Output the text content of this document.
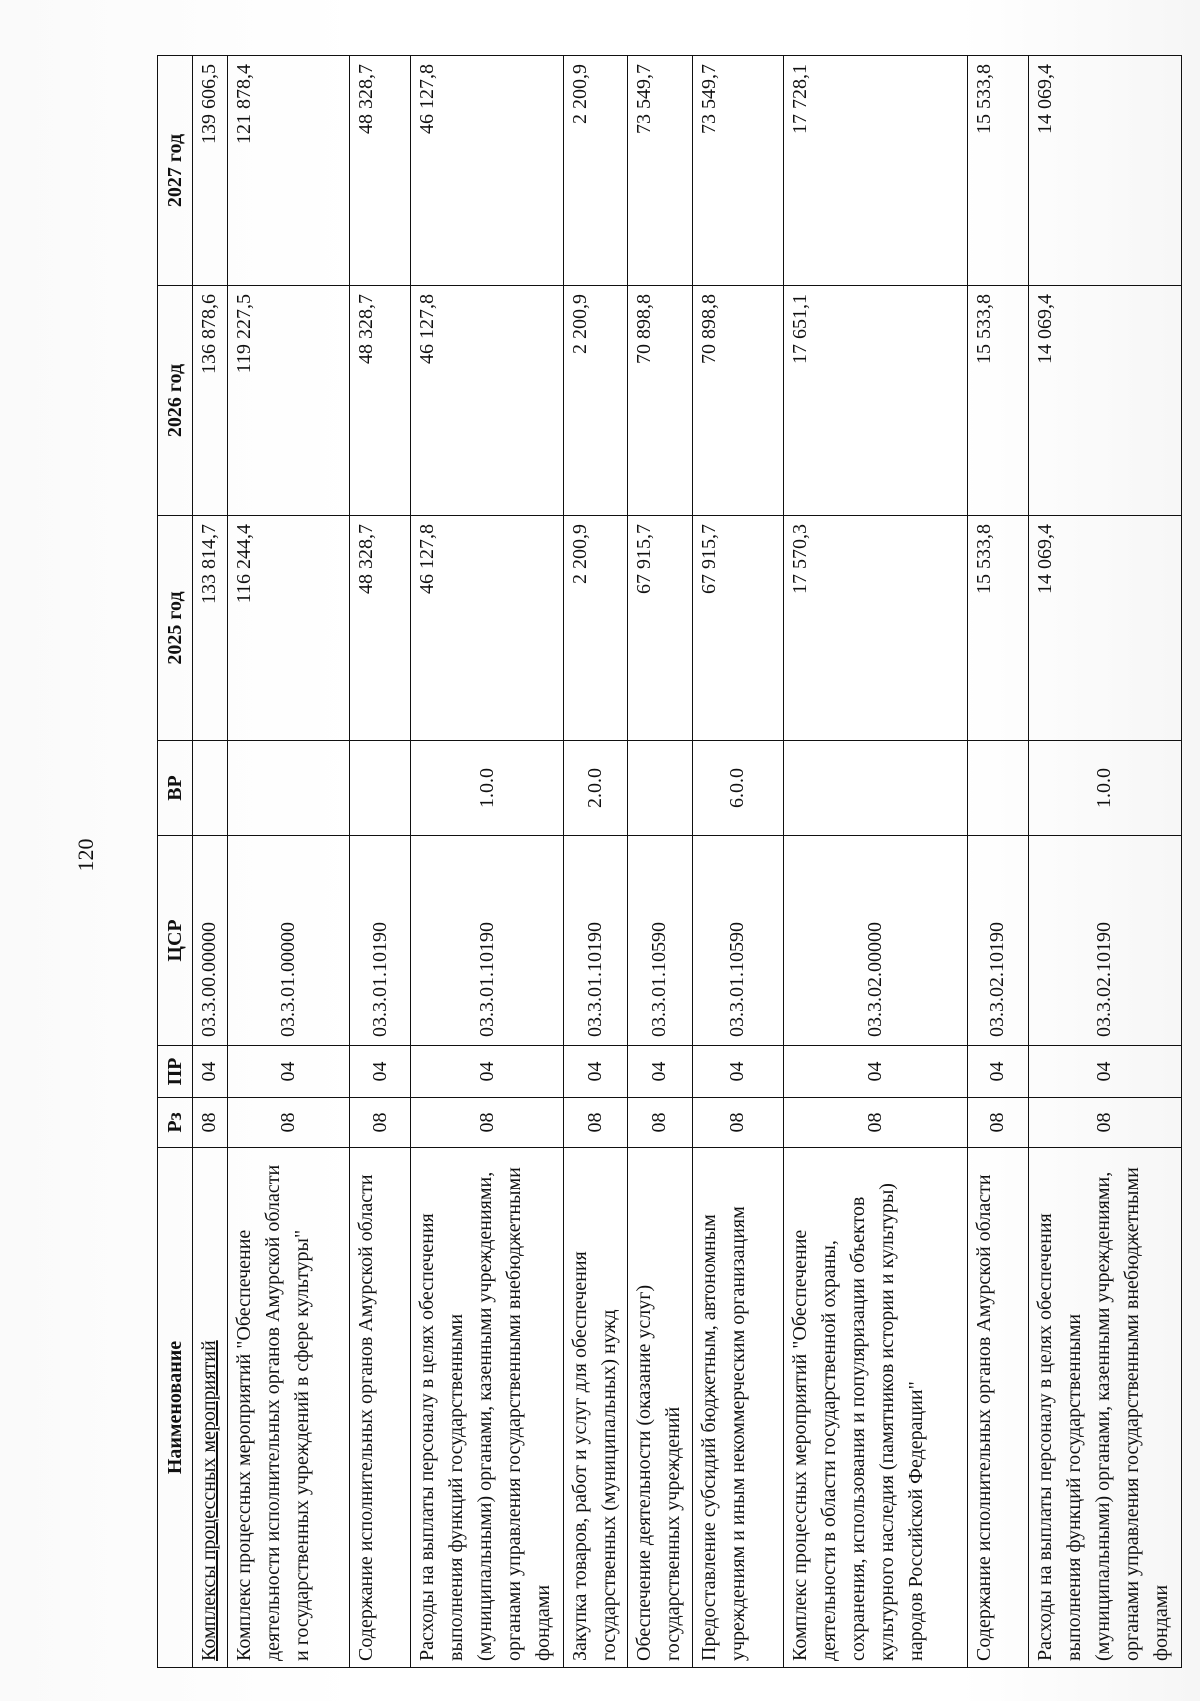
120
Наименование	Рз	ПР	ЦСР	ВР	2025 год	2026 год	2027 год
Комплексы процессных мероприятий	08	04	03.3.00.00000		133 814,7	136 878,6	139 606,5
Комплекс процессных мероприятий "Обеспечение деятельности исполнительных органов Амурской области и государственных учреждений в сфере культуры"	08	04	03.3.01.00000		116 244,4	119 227,5	121 878,4
Содержание исполнительных органов Амурской области	08	04	03.3.01.10190		48 328,7	48 328,7	48 328,7
Расходы на выплаты персоналу в целях обеспечения выполнения функций государственными (муниципальными) органами, казенными учреждениями, органами управления государственными внебюджетными фондами	08	04	03.3.01.10190	1.0.0	46 127,8	46 127,8	46 127,8
Закупка товаров, работ и услуг для обеспечения государственных (муниципальных) нужд	08	04	03.3.01.10190	2.0.0	2 200,9	2 200,9	2 200,9
Обеспечение деятельности (оказание услуг) государственных учреждений	08	04	03.3.01.10590		67 915,7	70 898,8	73 549,7
Предоставление субсидий бюджетным, автономным учреждениям и иным некоммерческим организациям	08	04	03.3.01.10590	6.0.0	67 915,7	70 898,8	73 549,7
Комплекс процессных мероприятий "Обеспечение деятельности в области государственной охраны, сохранения, использования и популяризации объектов культурного наследия (памятников истории и культуры) народов Российской Федерации"	08	04	03.3.02.00000		17 570,3	17 651,1	17 728,1
Содержание исполнительных органов Амурской области	08	04	03.3.02.10190		15 533,8	15 533,8	15 533,8
Расходы на выплаты персоналу в целях обеспечения выполнения функций государственными (муниципальными) органами, казенными учреждениями, органами управления государственными внебюджетными фондами	08	04	03.3.02.10190	1.0.0	14 069,4	14 069,4	14 069,4
